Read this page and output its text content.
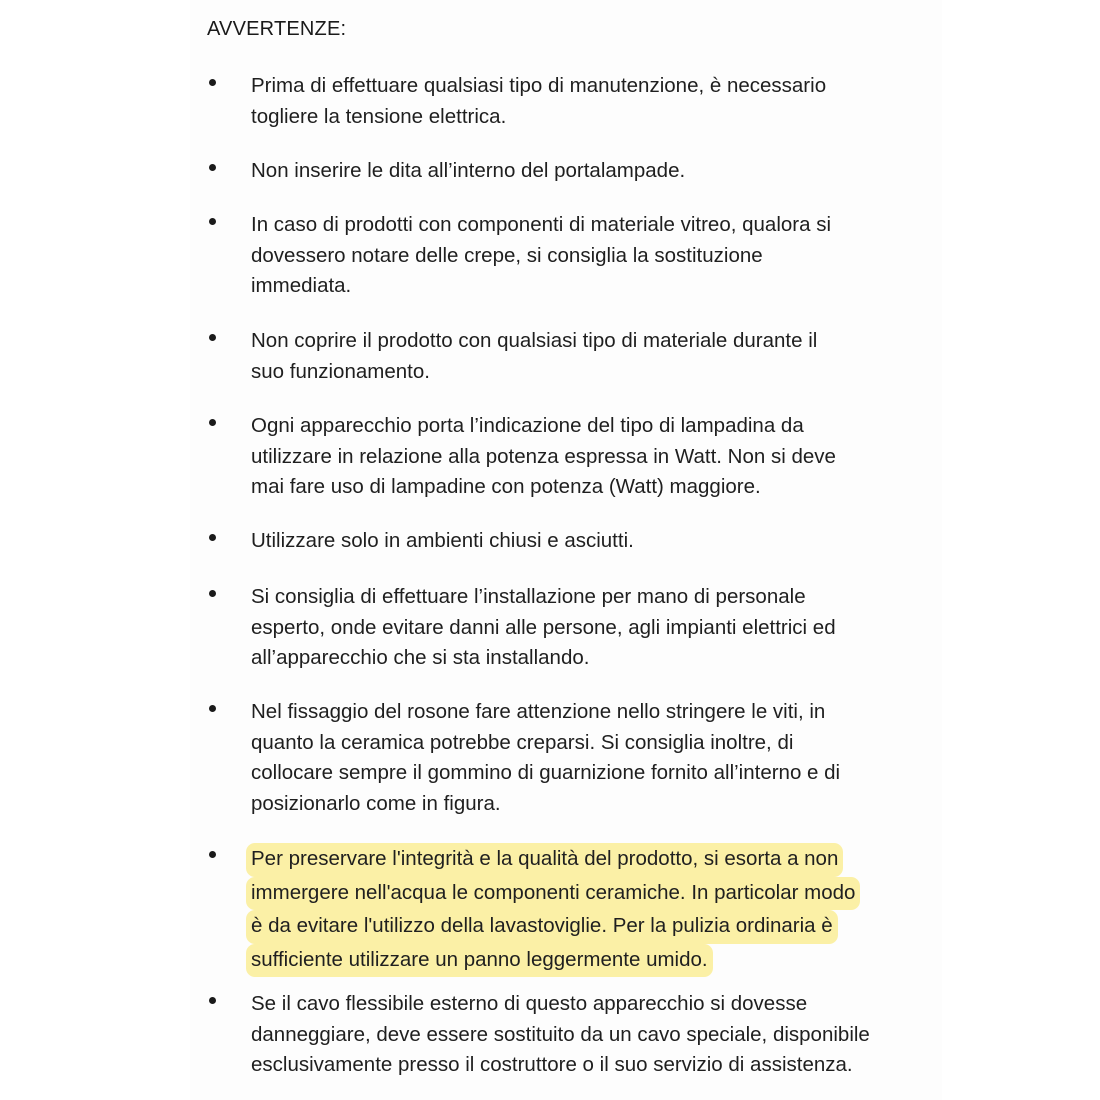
AVVERTENZE:
Prima di effettuare qualsiasi tipo di manutenzione, è necessario
togliere la tensione elettrica.
Non inserire le dita all’interno del portalampade.
In caso di prodotti con componenti di materiale vitreo, qualora si
dovessero notare delle crepe, si consiglia la sostituzione
immediata.
Non coprire il prodotto con qualsiasi tipo di materiale durante il
suo funzionamento.
Ogni apparecchio porta l’indicazione del tipo di lampadina da
utilizzare in relazione alla potenza espressa in Watt. Non si deve
mai fare uso di lampadine con potenza (Watt) maggiore.
Utilizzare solo in ambienti chiusi e asciutti.
Si consiglia di effettuare l’installazione per mano di personale
esperto, onde evitare danni alle persone, agli impianti elettrici ed
all’apparecchio che si sta installando.
Nel fissaggio del rosone fare attenzione nello stringere le viti, in
quanto la ceramica potrebbe creparsi. Si consiglia inoltre, di
collocare sempre il gommino di guarnizione fornito all’interno e di
posizionarlo come in figura.
Per preservare l'integrità e la qualità del prodotto, si esorta a non
immergere nell'acqua le componenti ceramiche. In particolar modo
è da evitare l'utilizzo della lavastoviglie. Per la pulizia ordinaria è
sufficiente utilizzare un panno leggermente umido.
Se il cavo flessibile esterno di questo apparecchio si dovesse
danneggiare, deve essere sostituito da un cavo speciale, disponibile
esclusivamente presso il costruttore o il suo servizio di assistenza.
